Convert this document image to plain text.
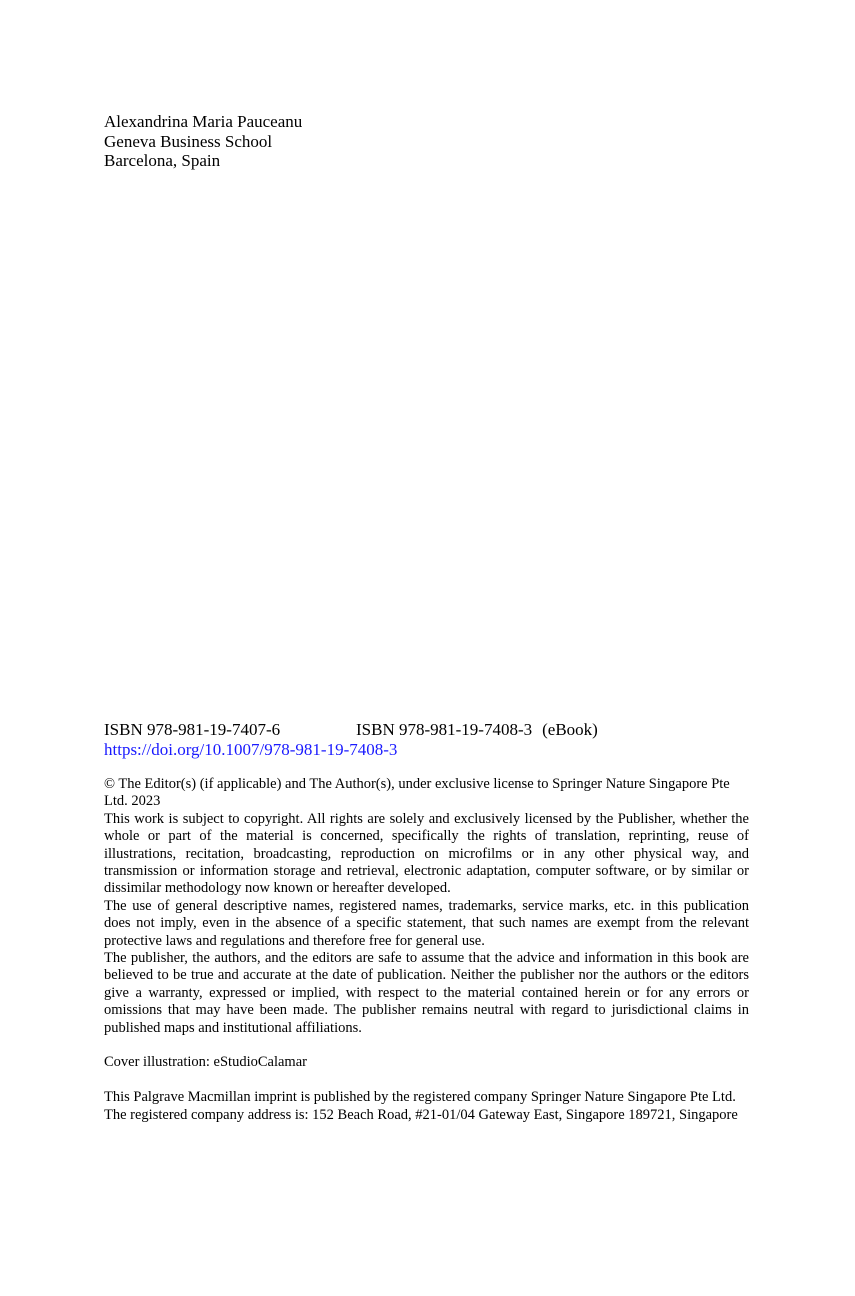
Alexandrina Maria Pauceanu
Geneva Business School
Barcelona, Spain
ISBN 978-981-19-7407-6	ISBN 978-981-19-7408-3 (eBook)
https://doi.org/10.1007/978-981-19-7408-3

© The Editor(s) (if applicable) and The Author(s), under exclusive license to Springer Nature Singapore Pte Ltd. 2023

This work is subject to copyright. All rights are solely and exclusively licensed by the Publisher, whether the whole or part of the material is concerned, specifically the rights of translation, reprinting, reuse of illustrations, recitation, broadcasting, reproduction on microfilms or in any other physical way, and transmission or information storage and retrieval, electronic adaptation, computer software, or by similar or dissimilar methodology now known or hereafter developed.

The use of general descriptive names, registered names, trademarks, service marks, etc. in this publication does not imply, even in the absence of a specific statement, that such names are exempt from the relevant protective laws and regulations and therefore free for general use.

The publisher, the authors, and the editors are safe to assume that the advice and information in this book are believed to be true and accurate at the date of publication. Neither the publisher nor the authors or the editors give a warranty, expressed or implied, with respect to the material contained herein or for any errors or omissions that may have been made. The publisher remains neutral with regard to jurisdictional claims in published maps and institutional affiliations.

Cover illustration: eStudioCalamar

This Palgrave Macmillan imprint is published by the registered company Springer Nature Singapore Pte Ltd.

The registered company address is: 152 Beach Road, #21-01/04 Gateway East, Singapore 189721, Singapore
